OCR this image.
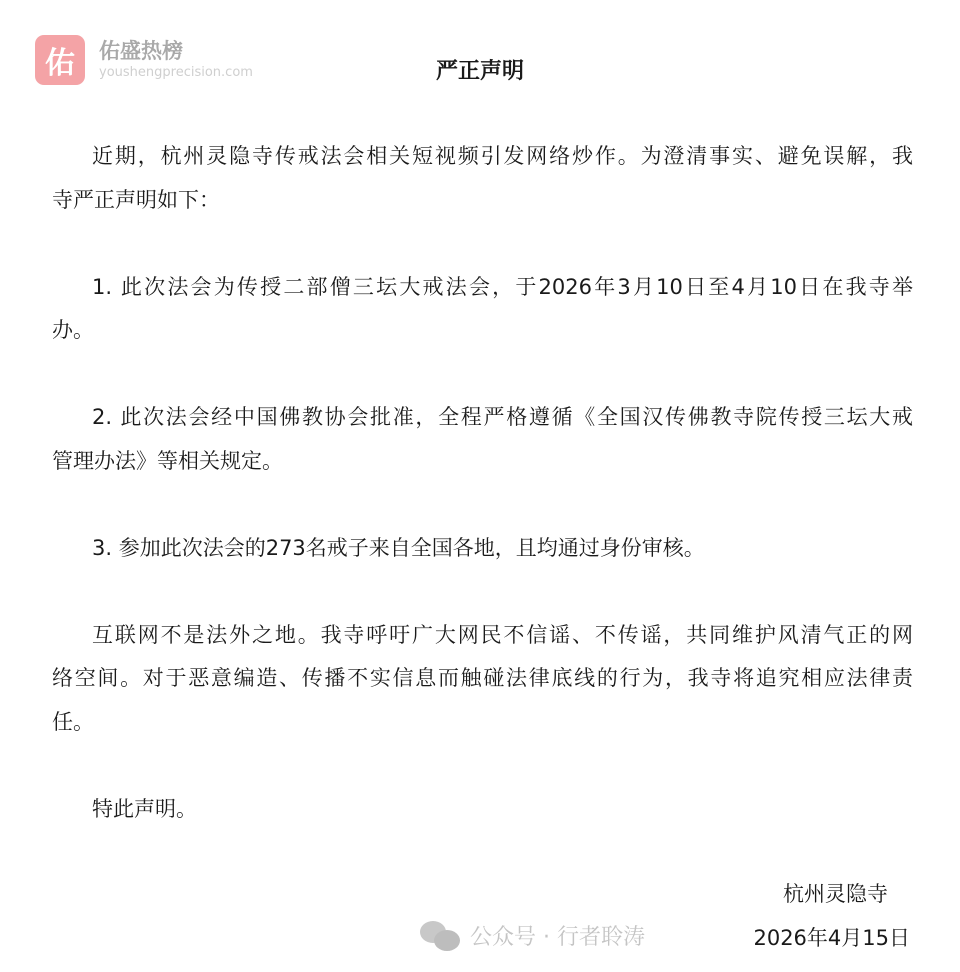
佑	佑盛热榜
youshengprecision.com	严正声明
近期，杭州灵隐寺传戒法会相关短视频引发网络炒作。为澄清事实、避免误解，我
寺严正声明如下：
1. 此次法会为传授二部僧三坛大戒法会，于2026年3月10日至4月10日在我寺举
办。
2. 此次法会经中国佛教协会批准，全程严格遵循《全国汉传佛教寺院传授三坛大戒
管理办法》等相关规定。
3. 参加此次法会的273名戒子来自全国各地，且均通过身份审核。
互联网不是法外之地。我寺呼吁广大网民不信谣、不传谣，共同维护风清气正的网
络空间。对于恶意编造、传播不实信息而触碰法律底线的行为，我寺将追究相应法律责
任。
特此声明。
杭州灵隐寺
公众号 · 行者聆涛	2026年4月15日
